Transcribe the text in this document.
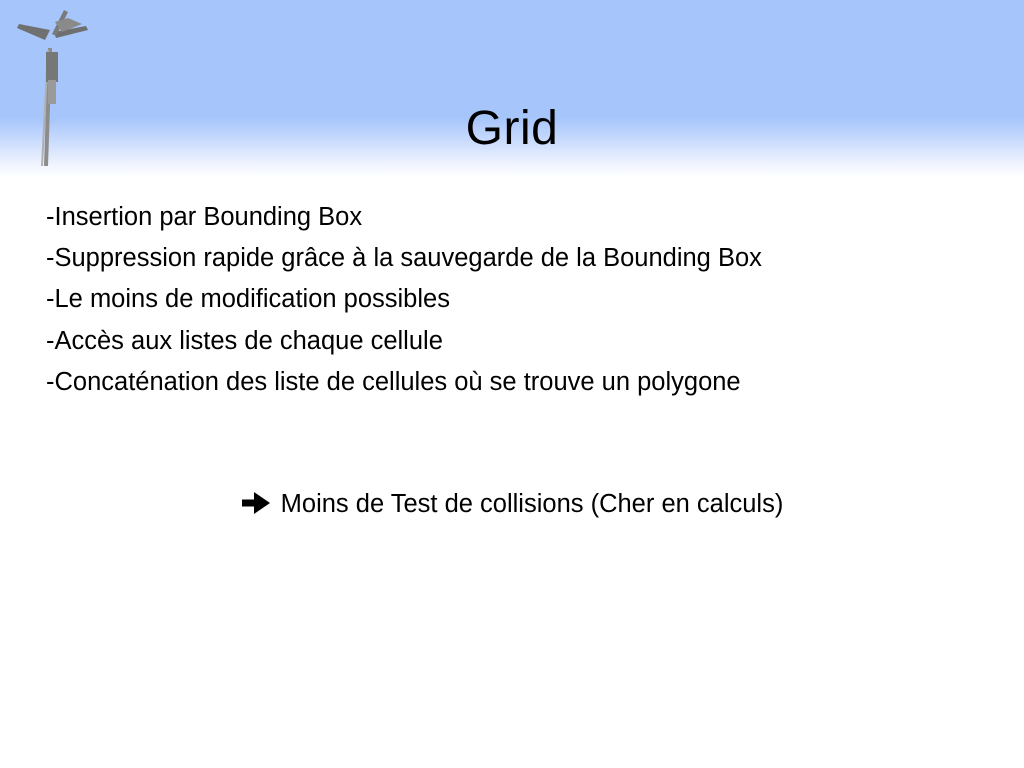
Grid
-Insertion par Bounding Box
-Suppression rapide grâce à la sauvegarde de la Bounding Box
-Le moins de modification possibles
-Accès aux listes de chaque cellule
-Concaténation des liste de cellules où se trouve un polygone
Moins de Test de collisions (Cher en calculs)
